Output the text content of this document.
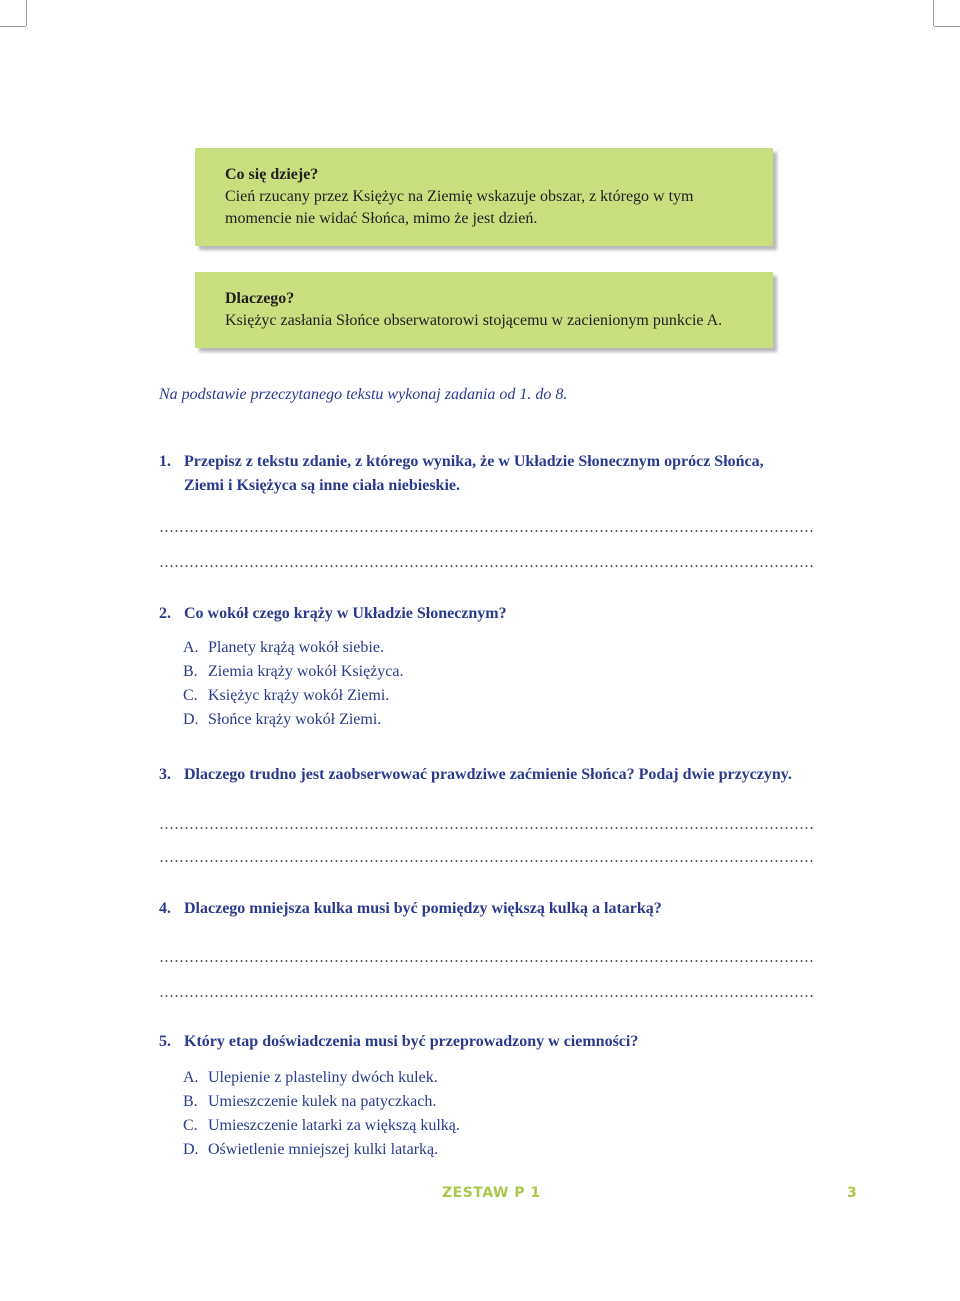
Co się dzieje?
Cień rzucany przez Księżyc na Ziemię wskazuje obszar, z którego w tym
momencie nie widać Słońca, mimo że jest dzień.
Dlaczego?
Księżyc zasłania Słońce obserwatorowi stojącemu w zacienionym punkcie A.
Na podstawie przeczytanego tekstu wykonaj zadania od 1. do 8.
1. Przepisz z tekstu zdanie, z którego wynika, że w Układzie Słonecznym oprócz Słońca,
Ziemi i Księżyca są inne ciała niebieskie.
2. Co wokół czego krąży w Układzie Słonecznym?
A. Planety krążą wokół siebie.
B. Ziemia krąży wokół Księżyca.
C. Księżyc krąży wokół Ziemi.
D. Słońce krąży wokół Ziemi.
3. Dlaczego trudno jest zaobserwować prawdziwe zaćmienie Słońca? Podaj dwie przyczyny.
4. Dlaczego mniejsza kulka musi być pomiędzy większą kulką a latarką?
5. Który etap doświadczenia musi być przeprowadzony w ciemności?
A. Ulepienie z plasteliny dwóch kulek.
B. Umieszczenie kulek na patyczkach.
C. Umieszczenie latarki za większą kulką.
D. Oświetlenie mniejszej kulki latarką.
ZESTAW P 1	3
